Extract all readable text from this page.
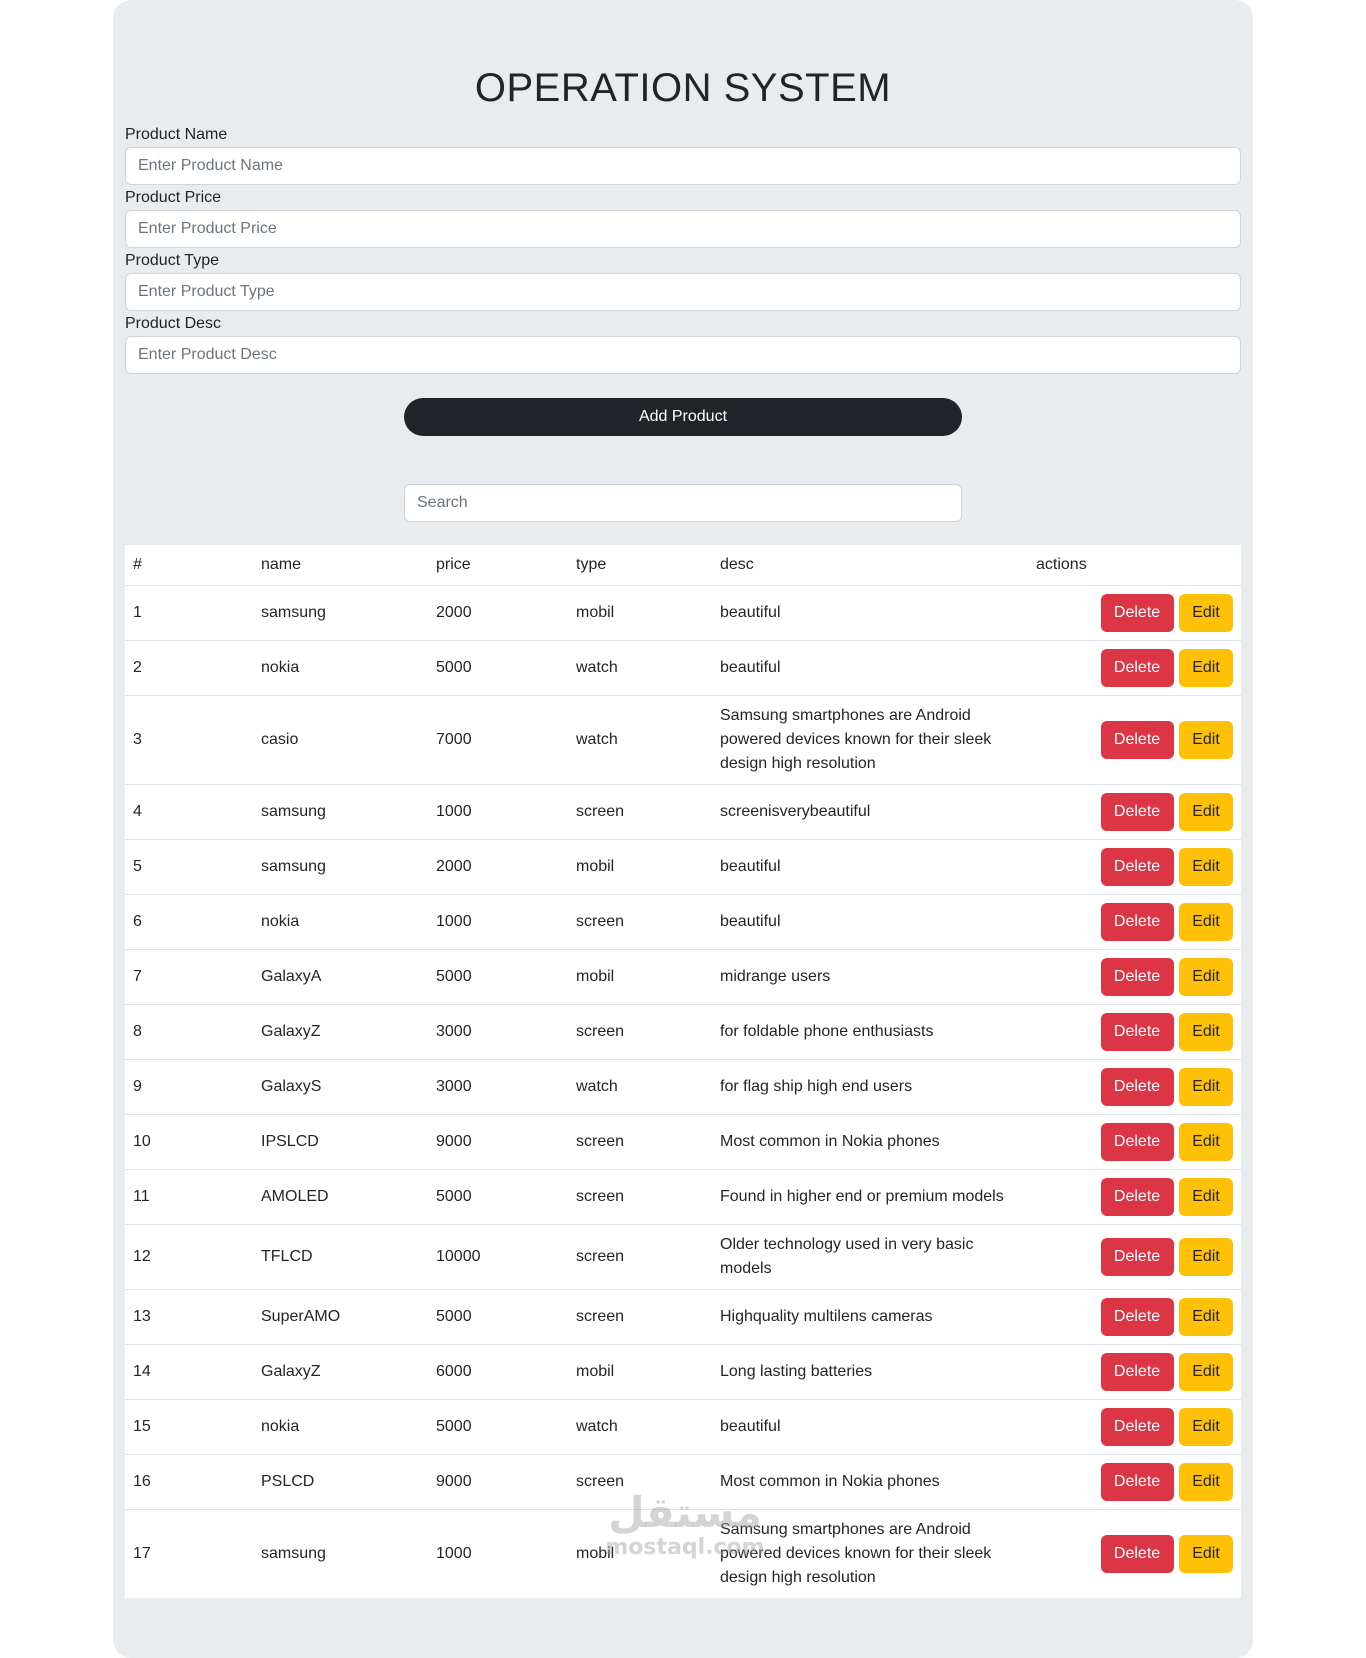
OPERATION SYSTEM
Product Name
Enter Product Name
Product Price
Enter Product Price
Product Type
Enter Product Type
Product Desc
Enter Product Desc
Add Product
Search
#	name	price	type	desc	actions
1	samsung	2000	mobil	beautiful	Delete Edit
2	nokia	5000	watch	beautiful	Delete Edit
3	casio	7000	watch	Samsung smartphones are Android powered devices known for their sleek design high resolution	Delete Edit
4	samsung	1000	screen	screenisverybeautiful	Delete Edit
5	samsung	2000	mobil	beautiful	Delete Edit
6	nokia	1000	screen	beautiful	Delete Edit
7	GalaxyA	5000	mobil	midrange users	Delete Edit
8	GalaxyZ	3000	screen	for foldable phone enthusiasts	Delete Edit
9	GalaxyS	3000	watch	for flag ship high end users	Delete Edit
10	IPSLCD	9000	screen	Most common in Nokia phones	Delete Edit
11	AMOLED	5000	screen	Found in higher end or premium models	Delete Edit
12	TFLCD	10000	screen	Older technology used in very basic models	Delete Edit
13	SuperAMO	5000	screen	Highquality multilens cameras	Delete Edit
14	GalaxyZ	6000	mobil	Long lasting batteries	Delete Edit
15	nokia	5000	watch	beautiful	Delete Edit
16	PSLCD	9000	screen	Most common in Nokia phones	Delete Edit
17	samsung	1000	mobil	Samsung smartphones are Android powered devices known for their sleek design high resolution	Delete Edit
مستقل
mostaql.com
